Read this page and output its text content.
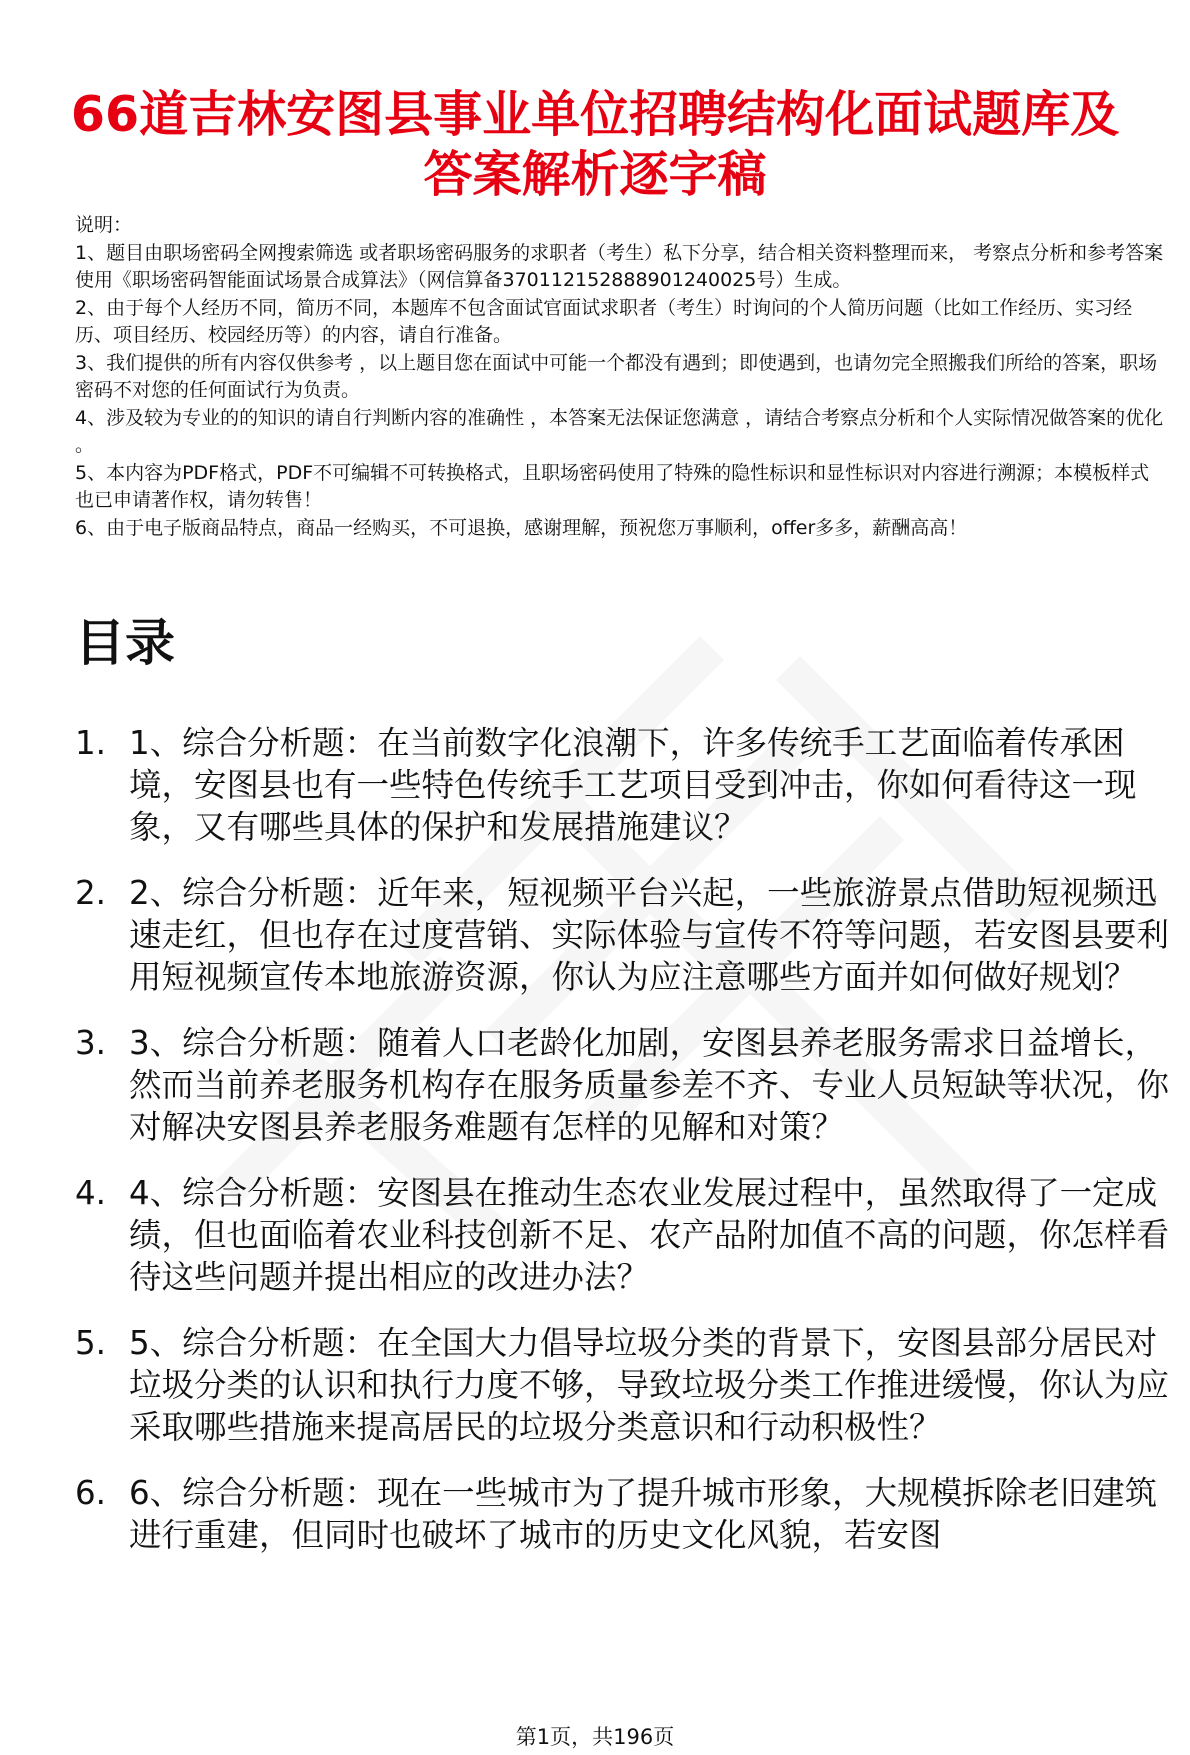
66道吉林安图县事业单位招聘结构化面试题库及答案解析逐字稿

说明：

1、题目由职场密码全网搜索筛选 或者职场密码服务的求职者（考生）私下分享，结合相关资料整理而来， 考察点分析和参考答案使用《职场密码智能面试场景合成算法》（网信算备370112152888901240025号）生成。

2、由于每个人经历不同，简历不同，本题库不包含面试官面试求职者（考生）时询问的个人简历问题（比如工作经历、实习经历、项目经历、校园经历等）的内容，请自行准备。

3、我们提供的所有内容仅供参考 ，以上题目您在面试中可能一个都没有遇到；即使遇到，也请勿完全照搬我们所给的答案，职场密码不对您的任何面试行为负责。

4、涉及较为专业的的知识的请自行判断内容的准确性 ，本答案无法保证您满意 ，请结合考察点分析和个人实际情况做答案的优化 。

5、本内容为PDF格式，PDF不可编辑不可转换格式，且职场密码使用了特殊的隐性标识和显性标识对内容进行溯源；本模板样式也已申请著作权，请勿转售！

6、由于电子版商品特点，商品一经购买，不可退换，感谢理解，预祝您万事顺利，offer多多，薪酬高高！

目录
1. 1、综合分析题：在当前数字化浪潮下，许多传统手工艺面临着传承困境，安图县也有一些特色传统手工艺项目受到冲击，你如何看待这一现象，又有哪些具体的保护和发展措施建议？
2. 2、综合分析题：近年来，短视频平台兴起，一些旅游景点借助短视频迅速走红，但也存在过度营销、实际体验与宣传不符等问题，若安图县要利用短视频宣传本地旅游资源，你认为应注意哪些方面并如何做好规划？
3. 3、综合分析题：随着人口老龄化加剧，安图县养老服务需求日益增长，然而当前养老服务机构存在服务质量参差不齐、专业人员短缺等状况，你对解决安图县养老服务难题有怎样的见解和对策？
4. 4、综合分析题：安图县在推动生态农业发展过程中，虽然取得了一定成绩，但也面临着农业科技创新不足、农产品附加值不高的问题，你怎样看待这些问题并提出相应的改进办法？
5. 5、综合分析题：在全国大力倡导垃圾分类的背景下，安图县部分居民对垃圾分类的认识和执行力度不够，导致垃圾分类工作推进缓慢，你认为应采取哪些措施来提高居民的垃圾分类意识和行动积极性？
6. 6、综合分析题：现在一些城市为了提升城市形象，大规模拆除老旧建筑进行重建，但同时也破坏了城市的历史文化风貌，若安图
第1页，共196页
